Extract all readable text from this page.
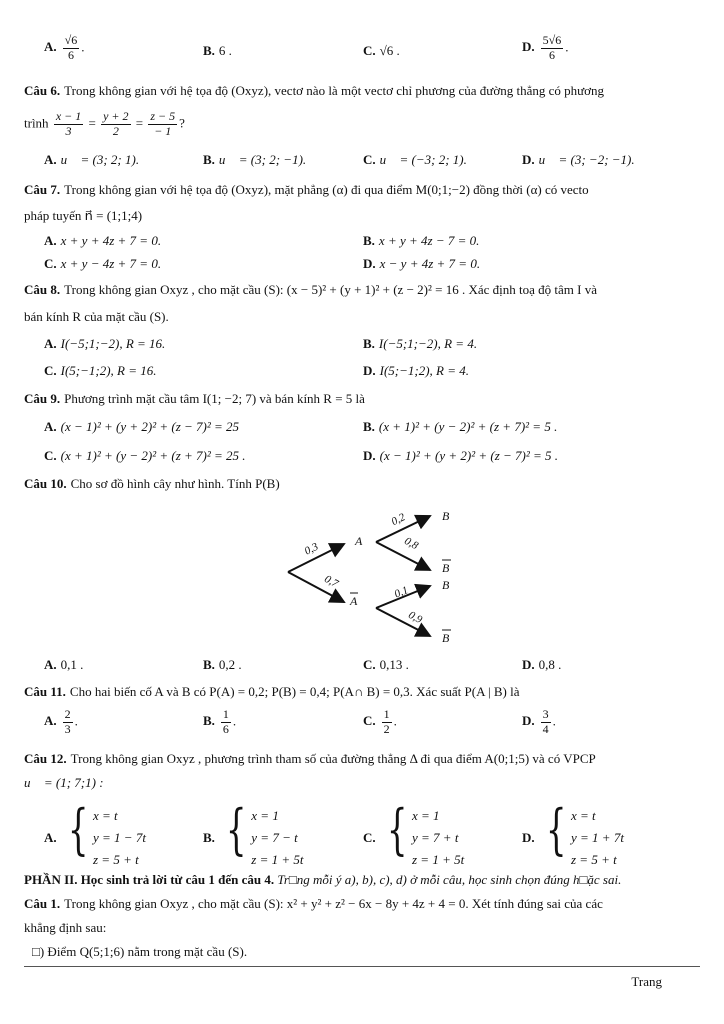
A. $\frac{√6}{6}$ .	B. 6 .	C. √6 .	D. $\frac{5√6}{6}$ .
Câu 6. Trong không gian với hệ tọa độ (Oxyz), vectơ nào là một vectơ chỉ phương của đường thẳng có phương
trình $\frac{x - 1}{3} = \frac{y + 2}{2} = \frac{z - 5}{- 1}$ ?
A. u⃗ = (3; 2; 1).	B. u⃗ = (3; 2; −1).	C. u⃗ = (−3; 2; 1).	D. u⃗ = (3; −2; −1).
Câu 7. Trong không gian với hệ tọa độ (Oxyz), mặt phẳng (α) đi qua điểm M(0;1;−2) đồng thời (α) có vecto
pháp tuyến n⃗ = (1;1;4)
A. x + y + 4z + 7 = 0.	B. x + y + 4z − 7 = 0.
C. x + y − 4z + 7 = 0.	D. x − y + 4z + 7 = 0.
Câu 8. Trong không gian Oxyz , cho mặt cầu (S): (x − 5)² + (y + 1)² + (z − 2)² = 16 . Xác định toạ độ tâm I và
bán kính R của mặt cầu (S).
A. I(−5;1;−2), R = 16.	B. I(−5;1;−2), R = 4.
C. I(5;−1;2), R = 16.	D. I(5;−1;2), R = 4.
Câu 9. Phương trình mặt cầu tâm I(1; −2; 7) và bán kính R = 5 là
A. (x − 1)² + (y + 2)² + (z − 7)² = 25	B. (x + 1)² + (y − 2)² + (z + 7)² = 5 .
C. (x + 1)² + (y − 2)² + (z + 7)² = 25 .	D. (x − 1)² + (y + 2)² + (z − 7)² = 5 .
Câu 10. Cho sơ đồ hình cây như hình. Tính P(B)
0,3
0,7
0,2
0,8
0,1
0,9
A
A
B
B
B
B
A. 0,1 .	B. 0,2 .	C. 0,13 .	D. 0,8 .
Câu 11. Cho hai biến cố A và B có P(A) = 0,2; P(B) = 0,4; P(A∩ B) = 0,3. Xác suất P(A | B) là
A. $\frac{2}{3}$ .	B. $\frac{1}{6}$ .	C. $\frac{1}{2}$ .	D. $\frac{3}{4}$ .
Câu 12. Trong không gian Oxyz , phương trình tham số của đường thẳng Δ đi qua điểm A(0;1;5) và có VPCP
u⃗ = (1; 7;1) :
A. { x = t
y = 1 − 7t
z = 5 + t
B. { x = 1
y = 7 − t
z = 1 + 5t
C. { x = 1
y = 7 + t
z = 1 + 5t
D. { x = t
y = 1 + 7t
z = 5 + t
PHẦN II. Học sinh trả lời từ câu 1 đến câu 4. Tr□ng mỗi ý a), b), c), d) ở mỗi câu, học sinh chọn đúng h□ặc sai.
Câu 1. Trong không gian Oxyz , cho mặt cầu (S): x² + y² + z² − 6x − 8y + 4z + 4 = 0. Xét tính đúng sai của các
khẳng định sau:
□) Điểm Q(5;1;6) nằm trong mặt cầu (S).
Trang
